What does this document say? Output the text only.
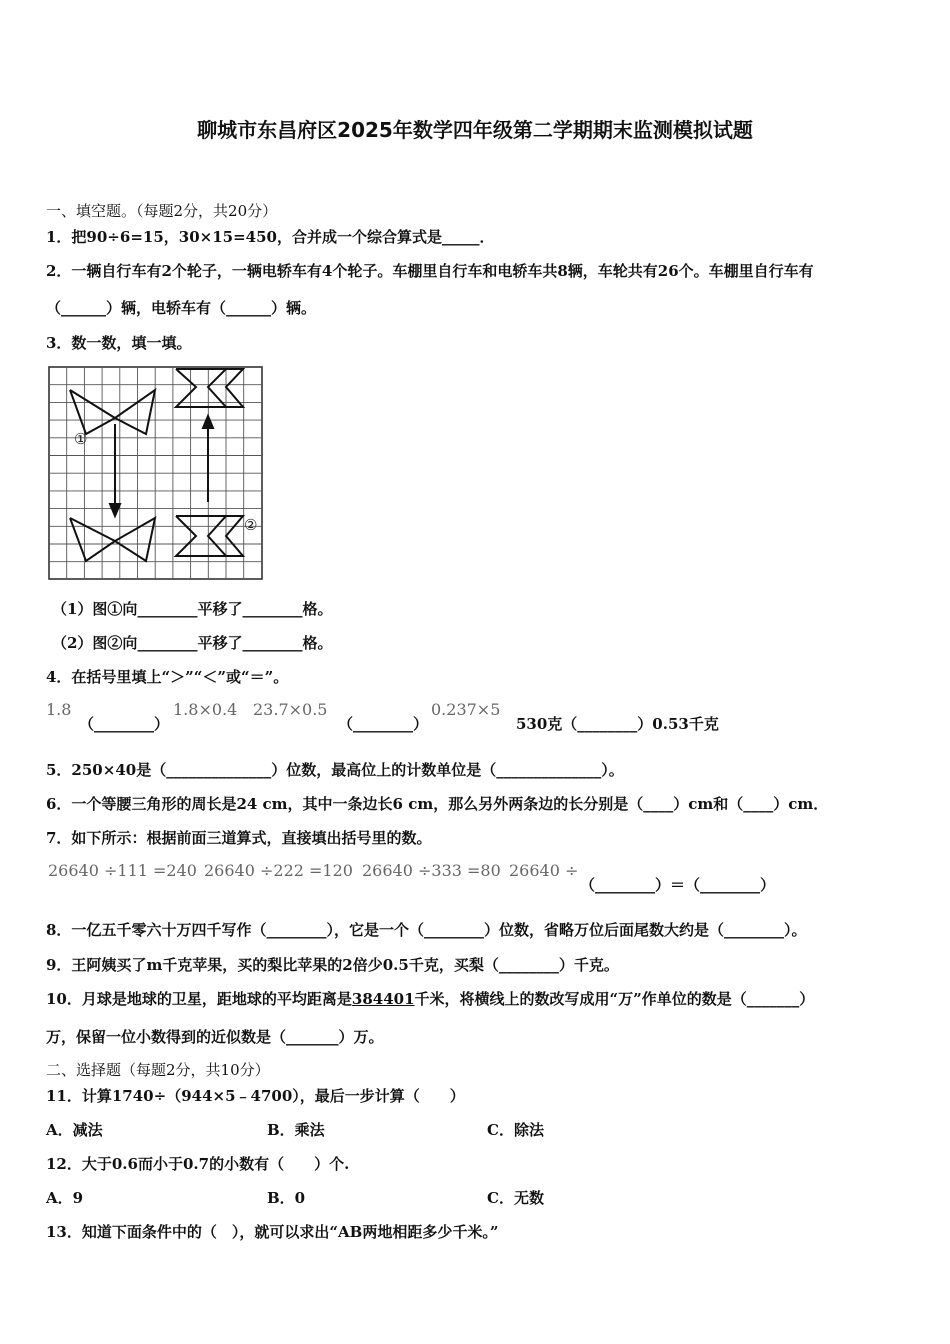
聊城市东昌府区2025年数学四年级第二学期期末监测模拟试题
一、填空题。（每题2分，共20分）
1．把90÷6=15，30×15=450，合并成一个综合算式是_____．
2．一辆自行车有2个轮子，一辆电轿车有4个轮子。车棚里自行车和电轿车共8辆，车轮共有26个。车棚里自行车有
（______）辆，电轿车有（______）辆。
3．数一数，填一填。
①
②
（1）图①向________平移了________格。
（2）图②向________平移了________格。
4．在括号里填上“＞”“＜”或“＝”。
1.8
（________）
1.8×0.4 23.7×0.5
（________）
0.237×5
530克（________）0.53千克
5．250×40是（______________）位数，最高位上的计数单位是（______________）。
6．一个等腰三角形的周长是24 cm，其中一条边长6 cm，那么另外两条边的长分别是（____）cm和（____）cm．
7．如下所示：根据前面三道算式，直接填出括号里的数。
26640 ÷111 =240 26640 ÷222 =120 26640 ÷333 =80 26640 ÷
（________）＝（________）
8．一亿五千零六十万四千写作（________），它是一个（________）位数，省略万位后面尾数大约是（________）。
9．王阿姨买了m千克苹果，买的梨比苹果的2倍少0.5千克，买梨（________）千克。
10．月球是地球的卫星，距地球的平均距离是384401千米，将横线上的数改写成用“万”作单位的数是（_______）
万，保留一位小数得到的近似数是（_______）万。
二、选择题（每题2分，共10分）
11．计算1740÷（944×5﹣4700），最后一步计算（　　）
A．减法	B．乘法	C．除法
12．大于0.6而小于0.7的小数有（　　）个.
A．9	B．0	C．无数
13．知道下面条件中的（　），就可以求出“AB两地相距多少千米。”
